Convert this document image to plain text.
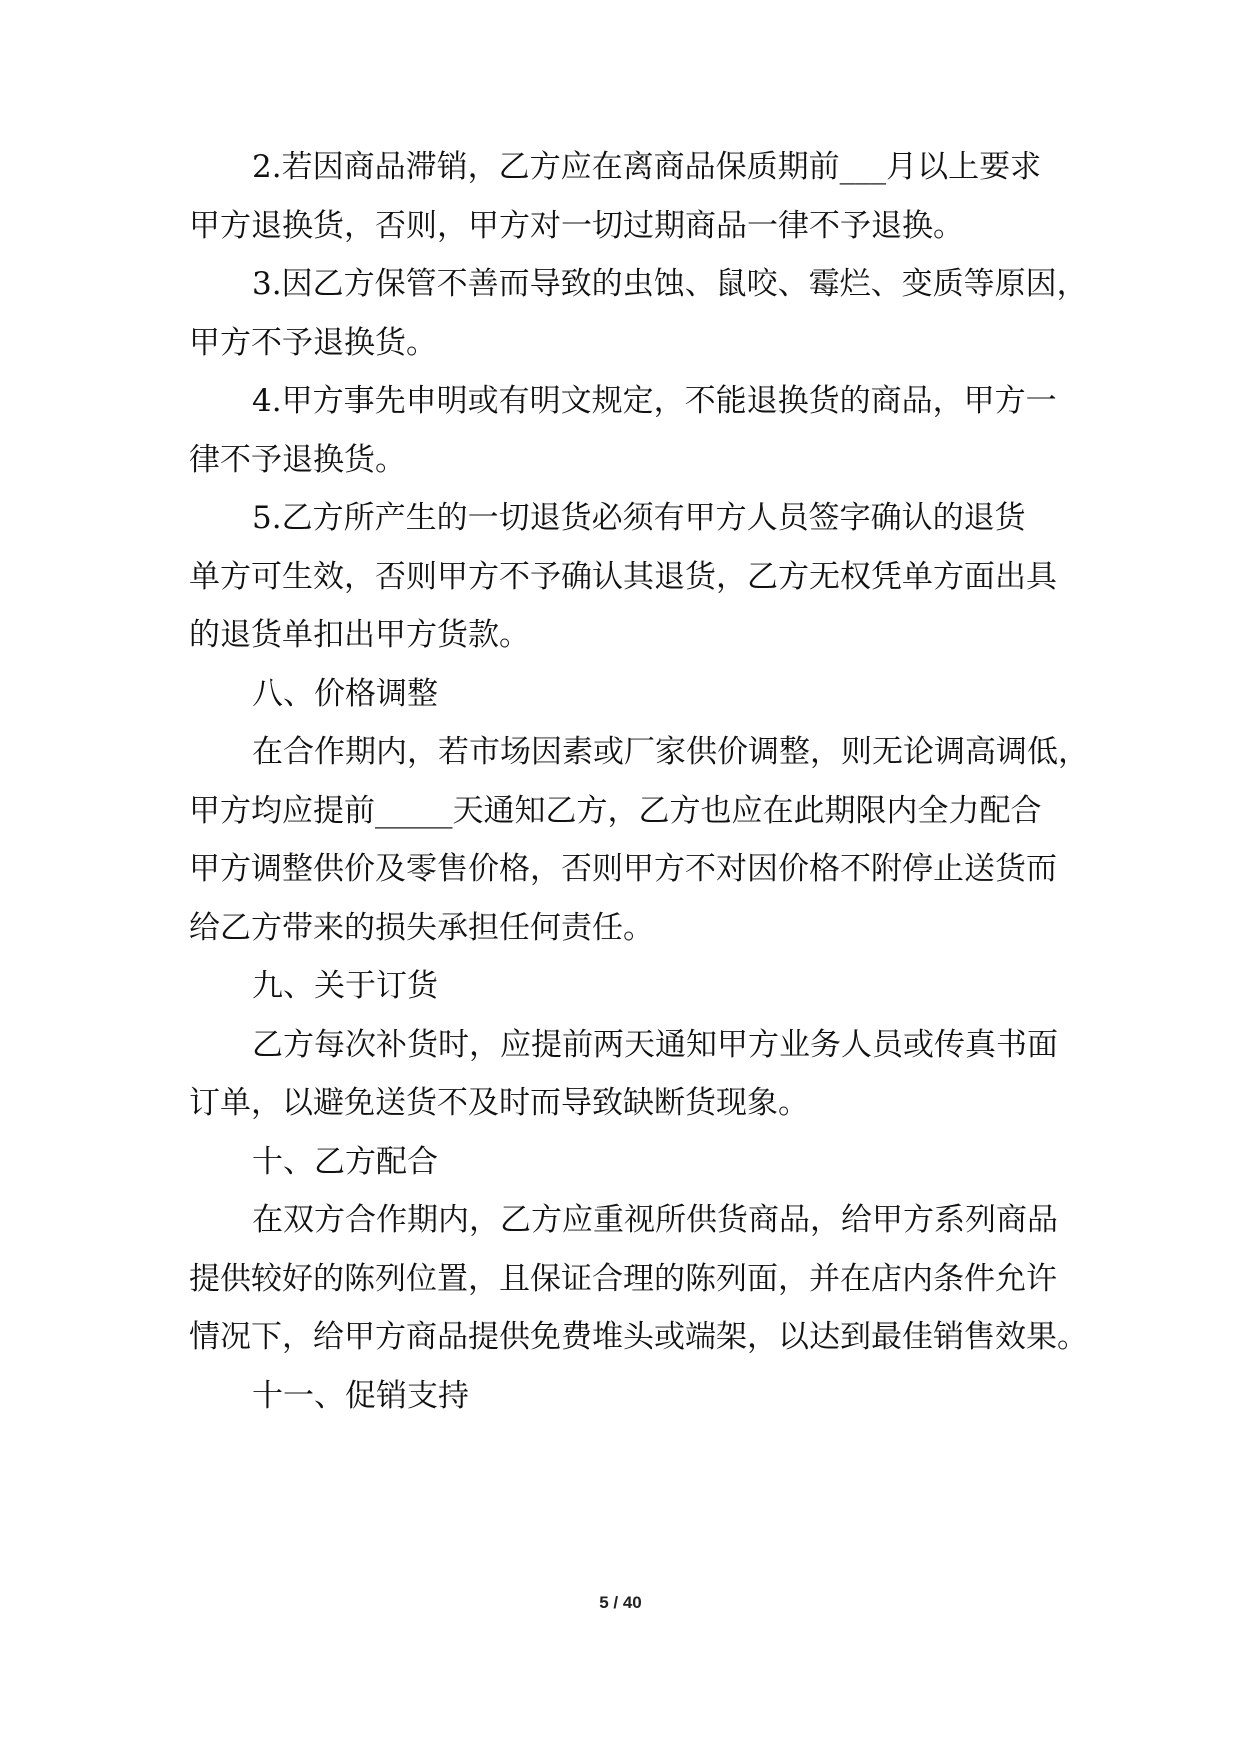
2.若因商品滞销，乙方应在离商品保质期前___月以上要求
甲方退换货，否则，甲方对一切过期商品一律不予退换。
3.因乙方保管不善而导致的虫蚀、鼠咬、霉烂、变质等原因，
甲方不予退换货。
4.甲方事先申明或有明文规定，不能退换货的商品，甲方一
律不予退换货。
5.乙方所产生的一切退货必须有甲方人员签字确认的退货
单方可生效，否则甲方不予确认其退货，乙方无权凭单方面出具
的退货单扣出甲方货款。
八、价格调整
在合作期内，若市场因素或厂家供价调整，则无论调高调低，
甲方均应提前_____天通知乙方，乙方也应在此期限内全力配合
甲方调整供价及零售价格，否则甲方不对因价格不附停止送货而
给乙方带来的损失承担任何责任。
九、关于订货
乙方每次补货时，应提前两天通知甲方业务人员或传真书面
订单，以避免送货不及时而导致缺断货现象。
十、乙方配合
在双方合作期内，乙方应重视所供货商品，给甲方系列商品
提供较好的陈列位置，且保证合理的陈列面，并在店内条件允许
情况下，给甲方商品提供免费堆头或端架，以达到最佳销售效果。
十一、促销支持
5 / 40
